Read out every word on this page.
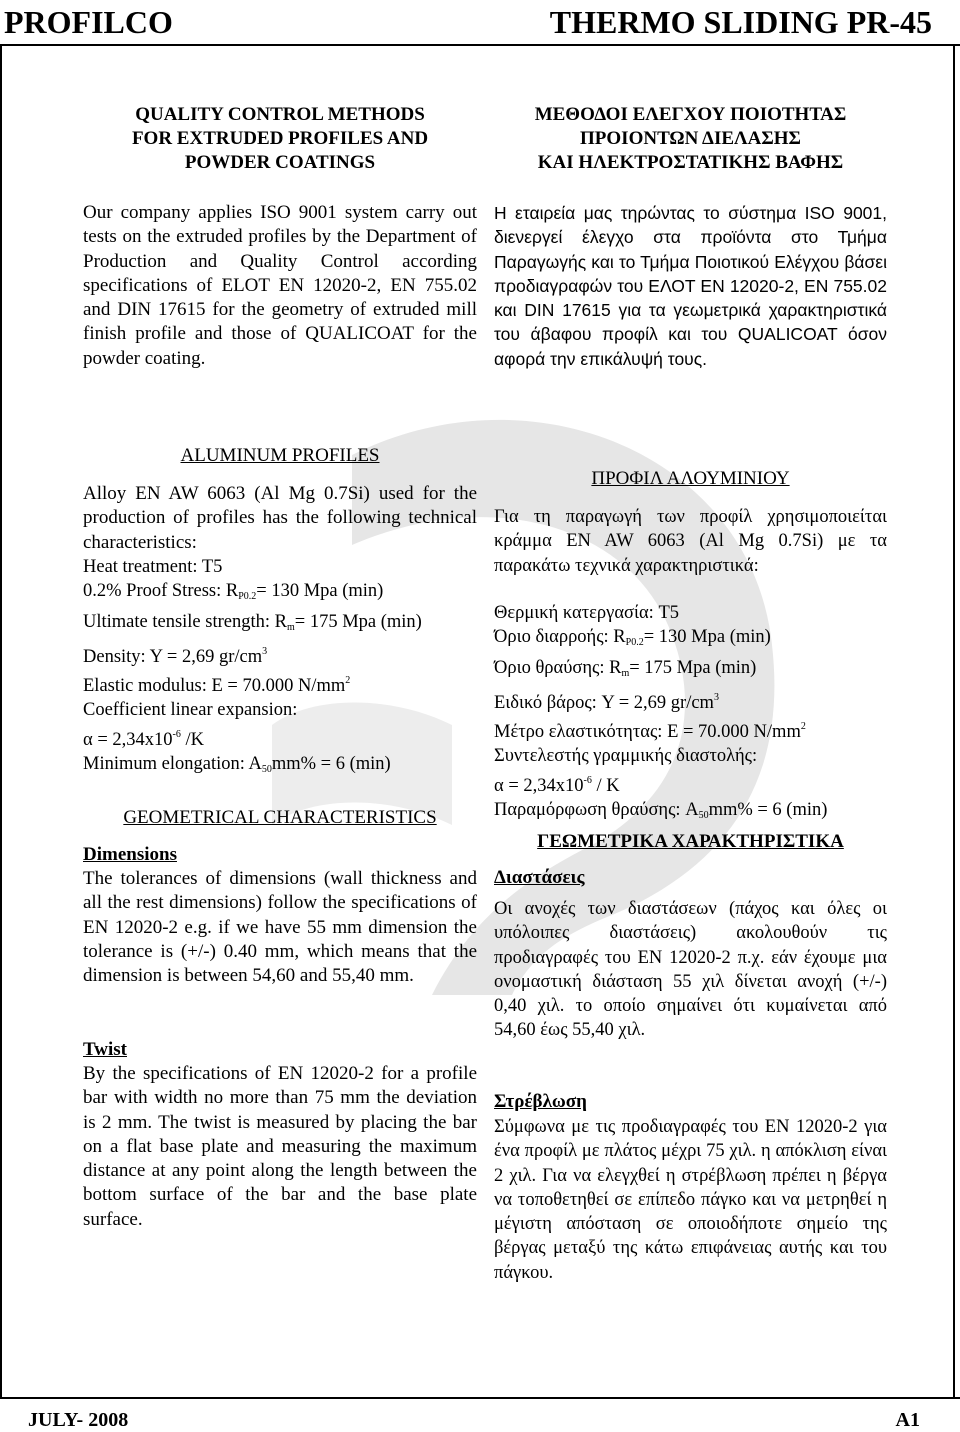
PROFILCO	THERMO SLIDING PR-45
QUALITY CONTROL METHODS
FOR EXTRUDED PROFILES AND
POWDER COATINGS

Our company applies ISO 9001 system carry out tests on the extruded profiles by the Department of Production and Quality Control according specifications of ELOT EN 12020-2, EN 755.02 and DIN 17615 for the geometry of extruded mill finish profile and those of QUALICOAT for the powder coating.

ALUMINUM PROFILES

Alloy EN AW 6063 (Al Mg 0.7Si) used for the production of profiles has the following technical characteristics:

Heat treatment: T5
0.2% Proof Stress: $R_{P0.2}= 130$ Mpa (min)
Ultimate tensile strength: $R_m= 175$ Mpa (min)
Density: Y = 2,69 $gr/cm^3$
Elastic modulus: E = 70.000 $N/mm^2$
Coefficient linear expansion:
$\alpha = 2,34x10^{-6}$ /K
Minimum elongation: $A_{50}mm\% = 6$ (min)
GEOMETRICAL CHARACTERISTICS
Dimensions

The tolerances of dimensions (wall thickness and all the rest dimensions) follow the specifications of EN 12020-2 e.g. if we have 55 mm dimension the tolerance is (+/-) 0.40 mm, which means that the dimension is between 54,60 and 55,40 mm.

Twist

By the specifications of EN 12020-2 for a profile bar with width no more than 75 mm the deviation is 2 mm. The twist is measured by placing the bar on a flat base plate and measuring the maximum distance at any point along the length between the bottom surface of the bar and the base plate surface.

ΜΕΘΟΔΟΙ ΕΛΕΓΧΟΥ ΠΟΙΟΤΗΤΑΣ
ΠΡΟΙΟΝΤΩΝ ΔΙΕΛΑΣΗΣ
ΚΑΙ ΗΛΕΚΤΡΟΣΤΑΤΙΚΗΣ ΒΑΦΗΣ

Η εταιρεία μας τηρώντας το σύστημα ISO 9001, διενεργεί έλεγχο στα προϊόντα στο Τμήμα Παραγωγής και το Τμήμα Ποιοτικού Ελέγχου βάσει προδιαγραφών του ΕΛΟΤ EN 12020-2, EN 755.02 και DIN 17615 για τα γεωμετρικά χαρακτηριστικά του άβαφου προφίλ και του QUALICOAT όσον αφορά την επικάλυψή τους.

ΠΡΟΦΙΛ ΑΛΟΥΜΙΝΙΟΥ

Για τη παραγωγή των προφίλ χρησιμοποιείται κράμμα EN AW 6063 (Al Mg 0.7Si) με τα παρακάτω τεχνικά χαρακτηριστικά:

Θερμική κατεργασία: T5
Όριο διαρροής: $R_{P0.2}= 130$ Mpa (min)
Όριο θραύσης: $R_m= 175$ Mpa (min)
Ειδικό βάρος: Y = 2,69 $gr/cm^3$
Μέτρο ελαστικότητας: E = 70.000 $N/mm^2$
Συντελεστής γραμμικής διαστολής:
$\alpha = 2,34x10^{-6} / K$
Παραμόρφωση θραύσης: $A_{50}mm\% = 6$ (min)
ΓΕΩΜΕΤΡΙΚΑ ΧΑΡΑΚΤΗΡΙΣΤΙΚΑ
Διαστάσεις

Οι ανοχές των διαστάσεων (πάχος και όλες οι υπόλοιπες διαστάσεις) ακολουθούν τις προδιαγραφές του EN 12020-2 π.χ. εάν έχουμε μια ονομαστική διάσταση 55 χιλ δίνεται ανοχή (+/-) 0,40 χιλ. το οποίο σημαίνει ότι κυμαίνεται από 54,60 έως 55,40 χιλ.

Στρέβλωση

Σύμφωνα με τις προδιαγραφές του EN 12020-2 για ένα προφίλ με πλάτος μέχρι 75 χιλ. η απόκλιση είναι 2 χιλ. Για να ελεγχθεί η στρέβλωση πρέπει η βέργα να τοποθετηθεί σε επίπεδο πάγκο και να μετρηθεί η μέγιστη απόσταση σε οποιοδήποτε σημείο της βέργας μεταξύ της κάτω επιφάνειας αυτής και του πάγκου.

JULY- 2008	A1
